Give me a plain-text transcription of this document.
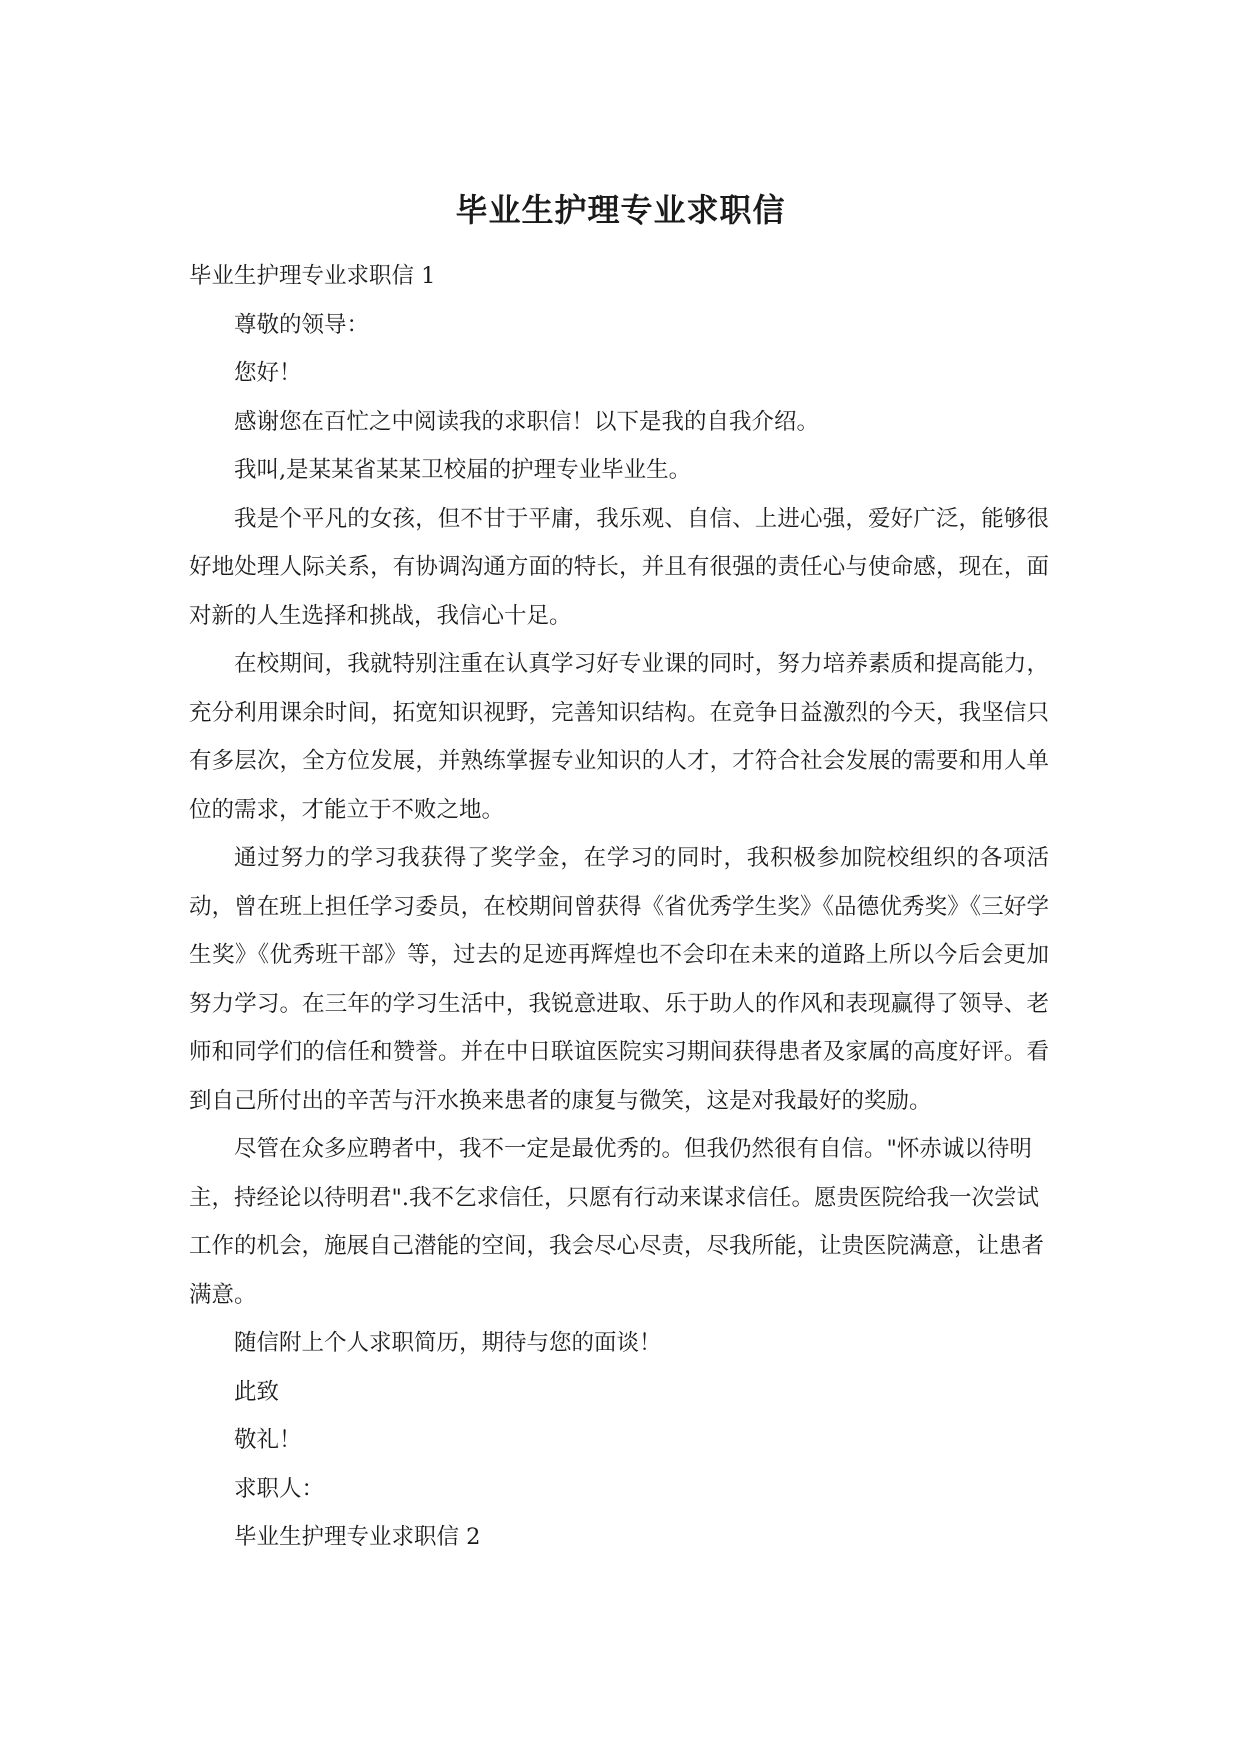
毕业生护理专业求职信

毕业生护理专业求职信 1

尊敬的领导：

您好！

感谢您在百忙之中阅读我的求职信！以下是我的自我介绍。

我叫,是某某省某某卫校届的护理专业毕业生。

我是个平凡的女孩，但不甘于平庸，我乐观、自信、上进心强，爱好广泛，能够很好地处理人际关系，有协调沟通方面的特长，并且有很强的责任心与使命感，现在，面对新的人生选择和挑战，我信心十足。

在校期间，我就特别注重在认真学习好专业课的同时，努力培养素质和提高能力，充分利用课余时间，拓宽知识视野，完善知识结构。在竞争日益激烈的今天，我坚信只有多层次，全方位发展，并熟练掌握专业知识的人才，才符合社会发展的需要和用人单位的需求，才能立于不败之地。

通过努力的学习我获得了奖学金，在学习的同时，我积极参加院校组织的各项活动，曾在班上担任学习委员，在校期间曾获得《省优秀学生奖》《品德优秀奖》《三好学生奖》《优秀班干部》等，过去的足迹再辉煌也不会印在未来的道路上所以今后会更加努力学习。在三年的学习生活中，我锐意进取、乐于助人的作风和表现赢得了领导、老师和同学们的信任和赞誉。并在中日联谊医院实习期间获得患者及家属的高度好评。看到自己所付出的辛苦与汗水换来患者的康复与微笑，这是对我最好的奖励。

尽管在众多应聘者中，我不一定是最优秀的。但我仍然很有自信。"怀赤诚以待明主，持经论以待明君".我不乞求信任，只愿有行动来谋求信任。愿贵医院给我一次尝试工作的机会，施展自己潜能的空间，我会尽心尽责，尽我所能，让贵医院满意，让患者满意。

随信附上个人求职简历，期待与您的面谈！

此致

敬礼！

求职人：

毕业生护理专业求职信 2
